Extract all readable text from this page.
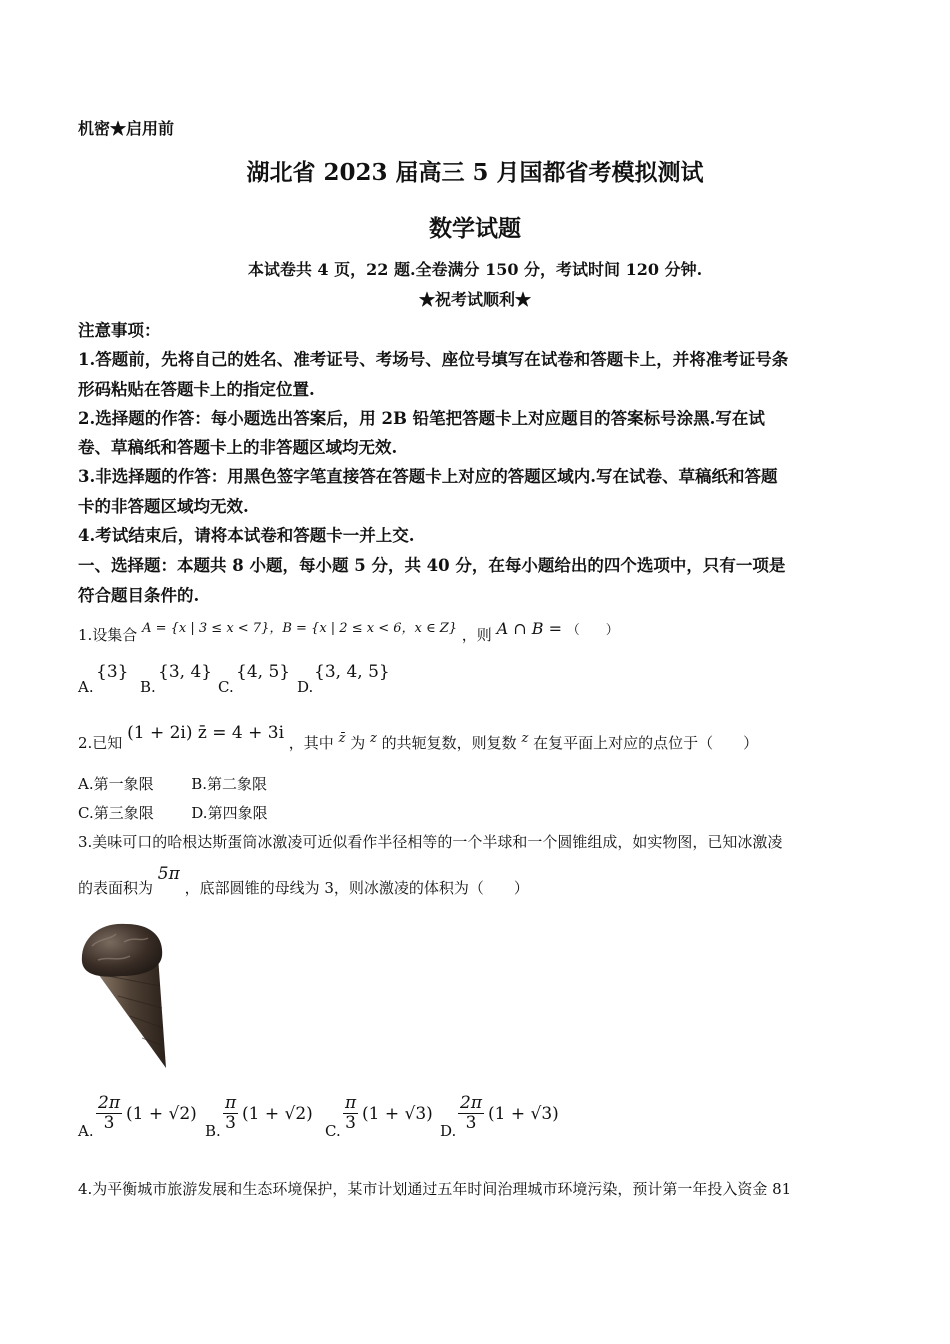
机密★启用前
湖北省 2023 届高三 5 月国都省考模拟测试
数学试题
本试卷共 4 页，22 题.全卷满分 150 分，考试时间 120 分钟.
★祝考试顺利★
注意事项：
1.答题前，先将自己的姓名、准考证号、考场号、座位号填写在试卷和答题卡上，并将准考证号条
形码粘贴在答题卡上的指定位置.
2.选择题的作答：每小题选出答案后，用 2B 铅笔把答题卡上对应题目的答案标号涂黑.写在试
卷、草稿纸和答题卡上的非答题区域均无效.
3.非选择题的作答：用黑色签字笔直接答在答题卡上对应的答题区域内.写在试卷、草稿纸和答题
卡的非答题区域均无效.
4.考试结束后，请将本试卷和答题卡一并上交.
一、选择题：本题共 8 小题，每小题 5 分，共 40 分，在每小题给出的四个选项中，只有一项是
符合题目条件的.
1.设集合 A = {x | 3 ≤ x < 7}，B = {x | 2 ≤ x < 6，x ∈ Z} ，则 A ∩ B = （　　）
A.
{3}
B.
{3, 4}
C.
{4, 5}
D.
{3, 4, 5}
2.已知 (1 + 2i) z̄ = 4 + 3i ，其中 z̄ 为 z 的共轭复数，则复数 z 在复平面上对应的点位于（　　）
A.第一象限	B.第二象限
C.第三象限	D.第四象限
3.美味可口的哈根达斯蛋筒冰激凌可近似看作半径相等的一个半球和一个圆锥组成，如实物图，已知冰激凌
的表面积为 5π ，底部圆锥的母线为 3，则冰激凌的体积为（　　）
A. $\frac{2\pi}{3} (1 + √2)$
B. $\frac{\pi}{3} (1 + √2)$
C. $\frac{\pi}{3} (1 + √3)$
D. $\frac{2\pi}{3} (1 + √3)$
4.为平衡城市旅游发展和生态环境保护，某市计划通过五年时间治理城市环境污染，预计第一年投入资金 81
